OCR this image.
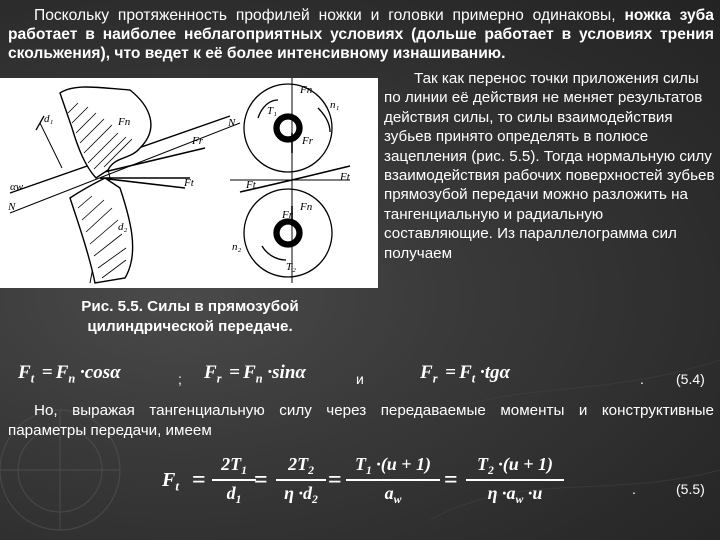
Поскольку протяженность профилей ножки и головки примерно одинаковы, ножка зуба работает в наиболее неблагоприятных условиях (дольше работает в условиях трения скольжения), что ведет к её более интенсивному изнашиванию.
d₁	Fn	N
Fr
Ft
αw
N
d₂
Fn
T₁	n₁
Fr
Ft
Ft
Fr
Fn
n₂
T₂
Так как перенос точки приложения силы по линии её действия не меняет результатов действия силы, то силы взаимодействия зубьев принято определять в полюсе зацепления (рис. 5.5). Тогда нормальную силу взаимодействия рабочих поверхностей зубьев прямозубой передачи можно разложить на тангенциальную и радиальную составляющие. Из параллелограмма сил получаем
Рис. 5.5. Силы в прямозубой
цилиндрической передаче.
$F_t = F_n \cdot\cos\alpha$	; $F_r = F_n \cdot\sin\alpha$	и	$F_r = F_t \cdot tg\alpha$	. (5.4)
Но, выражая тангенциальную силу через передаваемые моменты и конструктивные параметры передачи, имеем
$F_t$ =
$2T_1$
$d_1$
=
$2T_2$
$\eta \cdot d_2$
=
$T_1 \cdot(u + 1)$
$a_w$
=
$T_2 \cdot(u + 1)$
$\eta \cdot a_w \cdot u$	.	(5.5)
